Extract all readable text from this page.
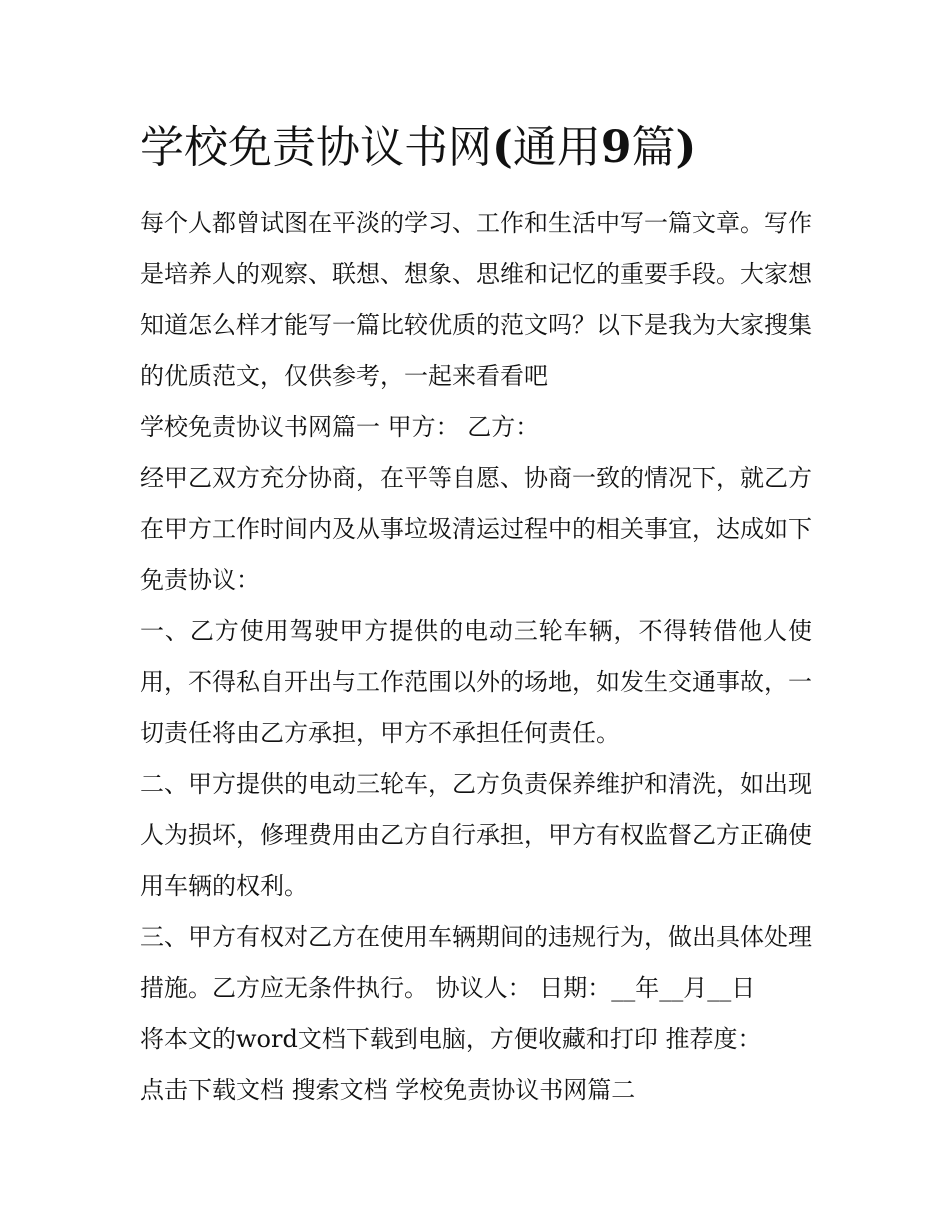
学校免责协议书网(通用9篇)

每个人都曾试图在平淡的学习、工作和生活中写一篇文章。写作是培养人的观察、联想、想象、思维和记忆的重要手段。大家想知道怎么样才能写一篇比较优质的范文吗？以下是我为大家搜集的优质范文，仅供参考，一起来看看吧

学校免责协议书网篇一 甲方： 乙方：

经甲乙双方充分协商，在平等自愿、协商一致的情况下，就乙方在甲方工作时间内及从事垃圾清运过程中的相关事宜，达成如下免责协议：

一、乙方使用驾驶甲方提供的电动三轮车辆，不得转借他人使用，不得私自开出与工作范围以外的场地，如发生交通事故，一切责任将由乙方承担，甲方不承担任何责任。

二、甲方提供的电动三轮车，乙方负责保养维护和清洗，如出现人为损坏，修理费用由乙方自行承担，甲方有权监督乙方正确使用车辆的权利。

三、甲方有权对乙方在使用车辆期间的违规行为，做出具体处理措施。乙方应无条件执行。 协议人： 日期：__年__月__日

将本文的word文档下载到电脑，方便收藏和打印 推荐度：

点击下载文档 搜索文档 学校免责协议书网篇二
